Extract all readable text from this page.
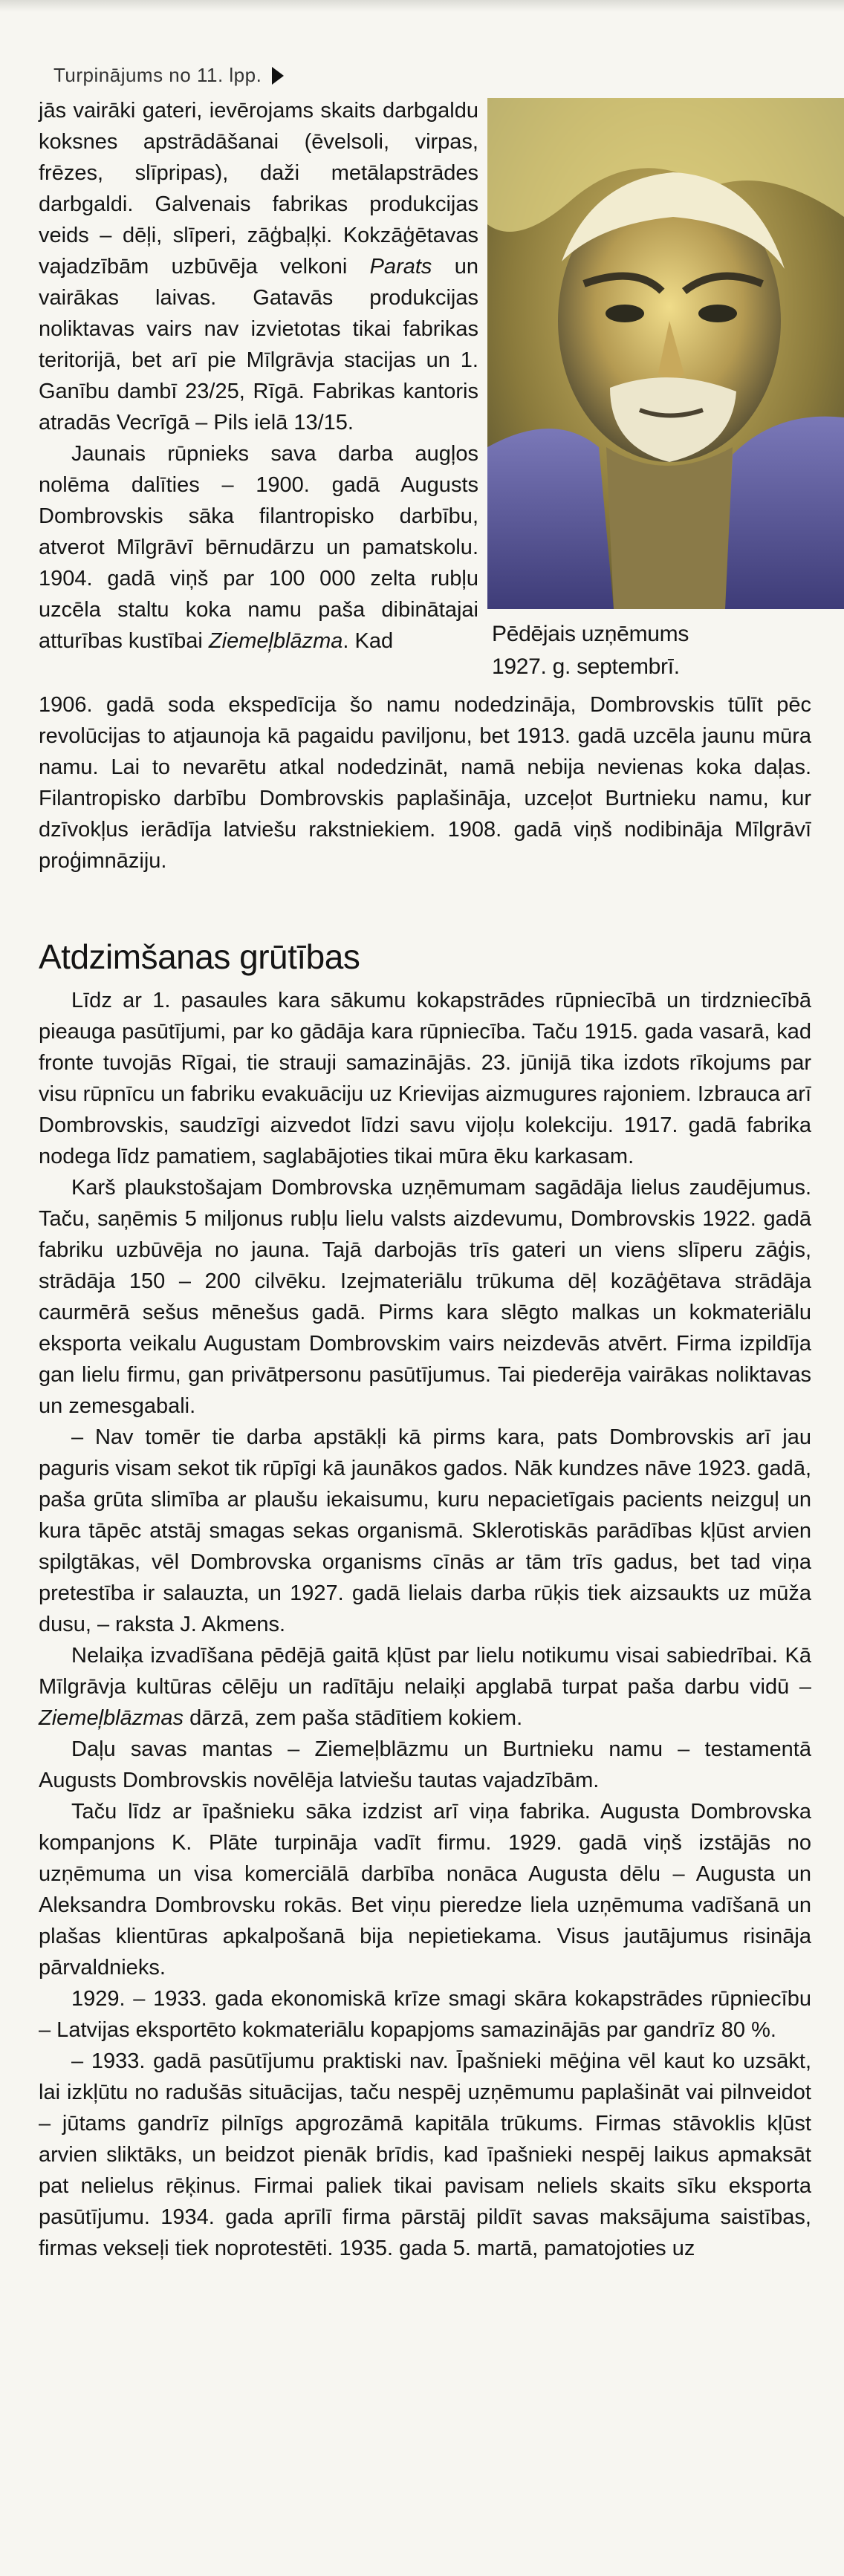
Turpinājums no 11. lpp.
Pēdējais uzņēmums
1927. g. septembrī.

jās vairāki gateri, ievērojams skaits darbgaldu koksnes apstrādāšanai (ēvelsoli, virpas, frēzes, slīpripas), daži metālapstrādes darbgaldi. Galvenais fabrikas produkcijas veids – dēļi, slīperi, zāģbaļķi. Kokzāģētavas vajadzībām uzbūvēja velkoni Parats un vairākas laivas. Gatavās produkcijas noliktavas vairs nav izvietotas tikai fabrikas teritorijā, bet arī pie Mīlgrāvja stacijas un 1. Ganību dambī 23/25, Rīgā. Fabrikas kantoris atradās Vecrīgā – Pils ielā 13/15.

Jaunais rūpnieks sava darba augļos nolēma dalīties – 1900. gadā Augusts Dombrovskis sāka filantropisko darbību, atverot Mīlgrāvī bērnudārzu un pamatskolu. 1904. gadā viņš par 100 000 zelta rubļu uzcēla staltu koka namu paša dibinātajai atturības kustībai Ziemeļblāzma. Kad

1906. gadā soda ekspedīcija šo namu nodedzināja, Dombrovskis tūlīt pēc revolūcijas to atjaunoja kā pagaidu paviljonu, bet 1913. gadā uzcēla jaunu mūra namu. Lai to nevarētu atkal nodedzināt, namā nebija nevienas koka daļas. Filantropisko darbību Dombrovskis paplašināja, uzceļot Burtnieku namu, kur dzīvokļus ierādīja latviešu rakstniekiem. 1908. gadā viņš nodibināja Mīlgrāvī proģimnāziju.

Atdzimšanas grūtības

Līdz ar 1. pasaules kara sākumu kokapstrādes rūpniecībā un tirdzniecībā pieauga pasūtījumi, par ko gādāja kara rūpniecība. Taču 1915. gada vasarā, kad fronte tuvojās Rīgai, tie strauji samazinājās. 23. jūnijā tika izdots rīkojums par visu rūpnīcu un fabriku evakuāciju uz Krievijas aizmugures rajoniem. Izbrauca arī Dombrovskis, saudzīgi aizvedot līdzi savu vijoļu kolekciju. 1917. gadā fabrika nodega līdz pamatiem, saglabājoties tikai mūra ēku karkasam.

Karš plaukstošajam Dombrovska uzņēmumam sagādāja lielus zaudējumus. Taču, saņēmis 5 miljonus rubļu lielu valsts aizdevumu, Dombrovskis 1922. gadā fabriku uzbūvēja no jauna. Tajā darbojās trīs gateri un viens slīperu zāģis, strādāja 150 – 200 cilvēku. Izejmateriālu trūkuma dēļ kozāģētava strādāja caurmērā sešus mēnešus gadā. Pirms kara slēgto malkas un kokmateriālu eksporta veikalu Augustam Dombrovskim vairs neizdevās atvērt. Firma izpildīja gan lielu firmu, gan privātpersonu pasūtījumus. Tai piederēja vairākas noliktavas un zemesgabali.

– Nav tomēr tie darba apstākļi kā pirms kara, pats Dombrovskis arī jau paguris visam sekot tik rūpīgi kā jaunākos gados. Nāk kundzes nāve 1923. gadā, paša grūta slimība ar plaušu iekaisumu, kuru nepacietīgais pacients neizguļ un kura tāpēc atstāj smagas sekas organismā. Sklerotiskās parādības kļūst arvien spilgtākas, vēl Dombrovska organisms cīnās ar tām trīs gadus, bet tad viņa pretestība ir salauzta, un 1927. gadā lielais darba rūķis tiek aizsaukts uz mūža dusu, – raksta J. Akmens.

Nelaiķa izvadīšana pēdējā gaitā kļūst par lielu notikumu visai sabiedrībai. Kā Mīlgrāvja kultūras cēlēju un radītāju nelaiķi apglabā turpat paša darbu vidū – Ziemeļblāzmas dārzā, zem paša stādītiem kokiem.

Daļu savas mantas – Ziemeļblāzmu un Burtnieku namu – testamentā Augusts Dombrovskis novēlēja latviešu tautas vajadzībām.

Taču līdz ar īpašnieku sāka izdzist arī viņa fabrika. Augusta Dombrovska kompanjons K. Plāte turpināja vadīt firmu. 1929. gadā viņš izstājās no uzņēmuma un visa komerciālā darbība nonāca Augusta dēlu – Augusta un Aleksandra Dombrovsku rokās. Bet viņu pieredze liela uzņēmuma vadīšanā un plašas klientūras apkalpošanā bija nepietiekama. Visus jautājumus risināja pārvaldnieks.

1929. – 1933. gada ekonomiskā krīze smagi skāra kokapstrādes rūpniecību – Latvijas eksportēto kokmateriālu kopapjoms samazinājās par gandrīz 80 %.

– 1933. gadā pasūtījumu praktiski nav. Īpašnieki mēģina vēl kaut ko uzsākt, lai izkļūtu no radušās situācijas, taču nespēj uzņēmumu paplašināt vai pilnveidot – jūtams gandrīz pilnīgs apgrozāmā kapitāla trūkums. Firmas stāvoklis kļūst arvien sliktāks, un beidzot pienāk brīdis, kad īpašnieki nespēj laikus apmaksāt pat nelielus rēķinus. Firmai paliek tikai pavisam neliels skaits sīku eksporta pasūtījumu. 1934. gada aprīlī firma pārstāj pildīt savas maksājuma saistības, firmas vekseļi tiek noprotestēti. 1935. gada 5. martā, pamatojoties uz
